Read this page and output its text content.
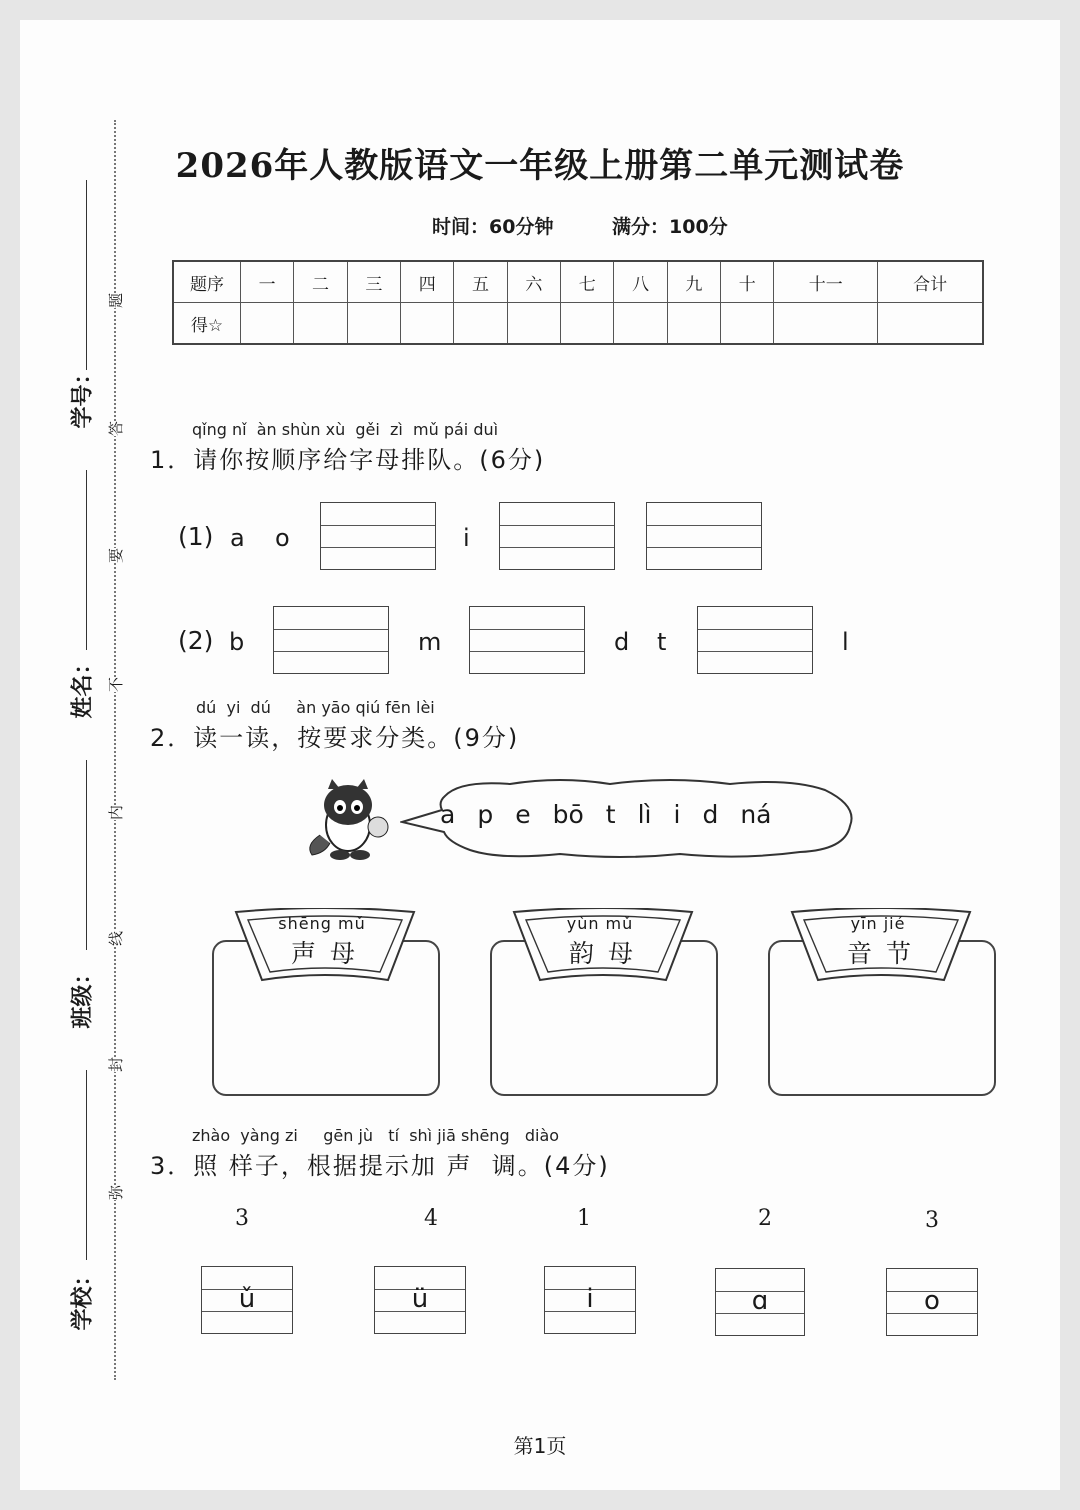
学号：
姓名：
班级：
学校：
题
答
要
不
内
线
封
弥
2026年人教版语文一年级上册第二单元测试卷
时间：60分钟	满分：100分
题序	一	二	三	四	五	六	七	八	九	十	十一	合计
得☆												
qǐng nǐ  àn shùn xù  gěi  zì  mǔ pái duì
1．请你按顺序给字母排队。(6分)
(1) a o	i
(2) b	m	d t	l
dú  yi  dú     àn yāo qiú fēn lèi
2．读一读，按要求分类。(9分)
a p e bō t lì i d ná
shēng mǔ
声母
yùn mǔ
韵母
yīn jié
音节
zhào  yàng zi     gēn jù   tí  shì jiā shēng   diào
3．照 样子，根据提示加 声  调。(4分)
3
ǔ
4
ü
1
i
2
ɑ
3
o
第1页
